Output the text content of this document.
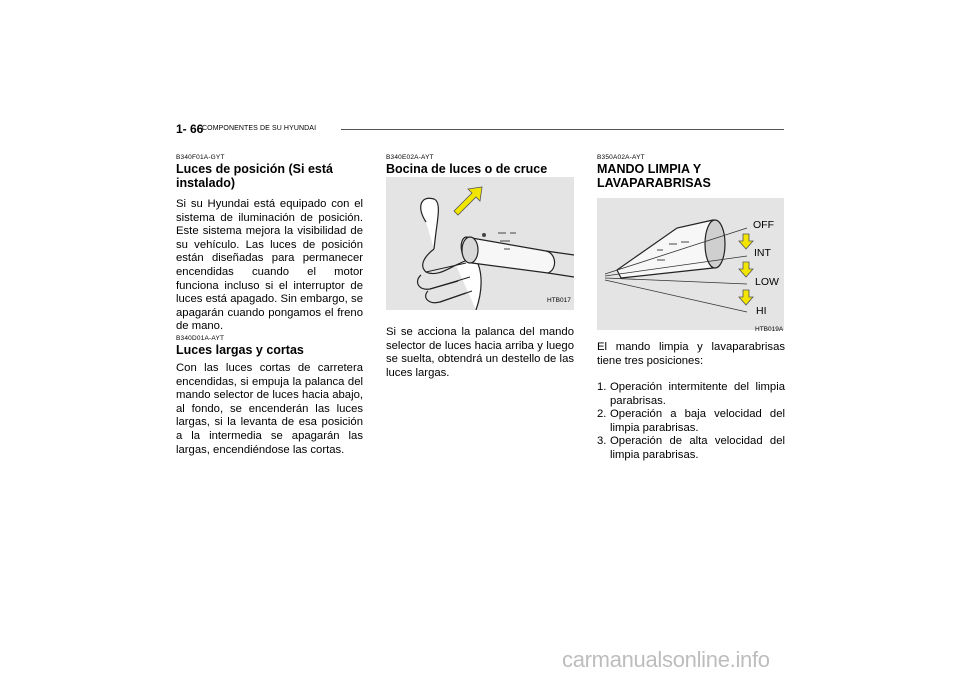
1- 66
COMPONENTES DE SU HYUNDAI
B340F01A-GYT
Luces de posición (Si está instalado)
Si su Hyundai está equipado con el sistema de iluminación de posición. Este sistema mejora la visibilidad de su vehículo. Las luces de posición están diseñadas para permanecer encendidas cuando el motor funciona incluso si el interruptor de luces está apagado. Sin embargo, se apagarán cuando pongamos el freno de mano.
B340D01A-AYT
Luces largas y cortas
Con las luces cortas de carretera encendidas, si empuja la palanca del mando selector de luces hacia abajo, al fondo, se encenderán las luces largas, si la levanta de esa posición a la intermedia se apagarán las largas, encendiéndose las cortas.
B340E02A-AYT
Bocina de luces o de cruce
HTB017
Si se acciona la palanca del mando selector de luces hacia arriba y luego se suelta, obtendrá un destello de las luces largas.
B350A02A-AYT
MANDO LIMPIA Y LAVAPARABRISAS
OFF
INT
LOW
HI
HTB019A
El mando limpia y lavaparabrisas tiene tres posiciones:
1. Operación intermitente del limpia parabrisas.
2. Operación a baja velocidad del limpia parabrisas.
3. Operación de alta velocidad del limpia parabrisas.
carmanualsonline.info
